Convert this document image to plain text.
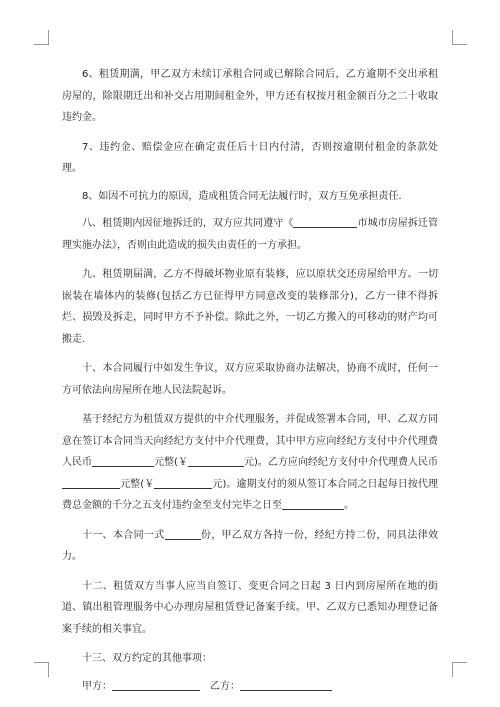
6、租赁期满，甲乙双方未续订承租合同或已解除合同后，乙方逾期不交出承租房屋的，除限期迁出和补交占用期间租金外，甲方还有权按月租金额百分之二十收取违约金。

7、违约金、赔偿金应在确定责任后十日内付清，否则按逾期付租金的条款处理。

8、如因不可抗力的原因，造成租赁合同无法履行时，双方互免承担责任.

八、租赁期内因征地拆迁的，双方应共同遵守《	市城市房屋拆迁管理实施办法》，否则由此造成的损失由责任的一方承担。

九、租赁期届满，乙方不得破坏物业原有装修，应以原状交还房屋给甲方。一切嵌装在墙体内的装修(包括乙方已征得甲方同意改变的装修部分)，乙方一律不得拆烂、损毁及拆走，同时甲方不予补偿。除此之外，一切乙方搬入的可移动的财产均可搬走.

十、本合同履行中如发生争议，双方应采取协商办法解决，协商不成时，任何一方可依法向房屋所在地人民法院起诉。

基于经纪方为租赁双方提供的中介代理服务，并促成签署本合同，甲、乙双方同意在签订本合同当天向经纪方支付中介代理费，其中甲方应向经纪方支付中介代理费人民币	元整(￥	元)。乙方应向经纪方支付中介代理费人民币元整(￥	元)。逾期支付的须从签订本合同之日起每日按代理费总金额的千分之五支付违约金至支付完毕之日至	。

十一、本合同一式	份，甲乙双方各持一份，经纪方持二份，同具法律效力。

十二、租赁双方当事人应当自签订、变更合同之日起 3 日内到房屋所在地的街道、镇出租管理服务中心办理房屋租赁登记备案手续。甲、乙双方已悉知办理登记备案手续的相关事宜。

十三、双方约定的其他事项：

甲方：	乙方：
